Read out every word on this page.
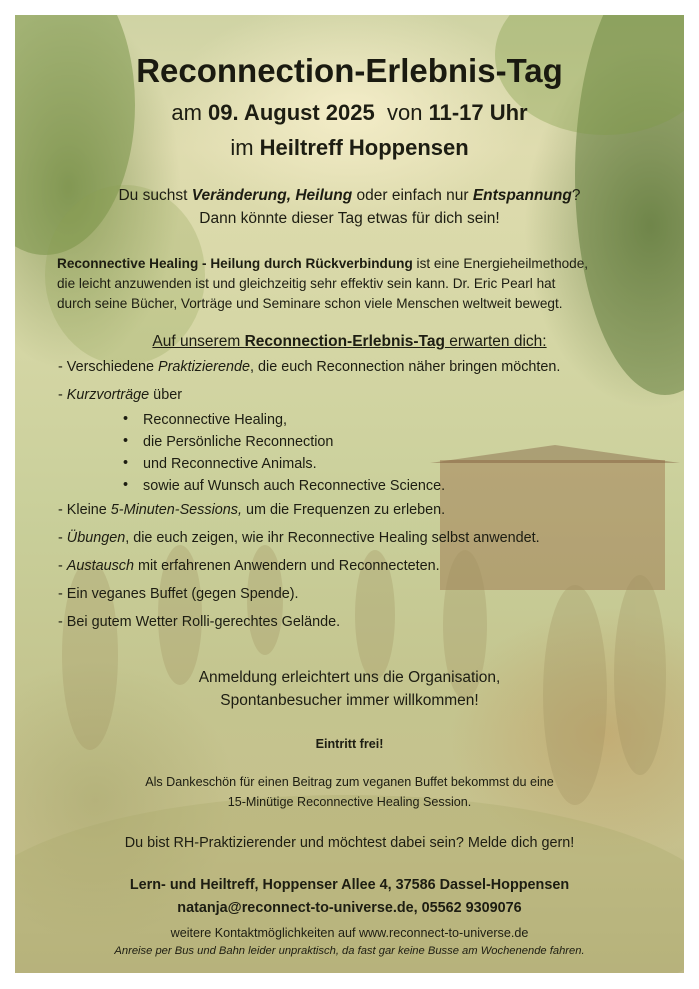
Reconnection-Erlebnis-Tag

am 09. August 2025  von 11-17 Uhr

im Heiltreff Hoppensen

Du suchst Veränderung, Heilung oder einfach nur Entspannung?

Dann könnte dieser Tag etwas für dich sein!

Reconnective Healing - Heilung durch Rückverbindung ist eine Energieheilmethode,

die leicht anzuwenden ist und gleichzeitig sehr effektiv sein kann. Dr. Eric Pearl hat

durch seine Bücher, Vorträge und Seminare schon viele Menschen weltweit bewegt.

Auf unserem Reconnection-Erlebnis-Tag erwarten dich:

- Verschiedene Praktizierende, die euch Reconnection näher bringen möchten.

- Kurzvorträge über

• Reconnective Healing,

• die Persönliche Reconnection

• und Reconnective Animals.

• sowie auf Wunsch auch Reconnective Science.

- Kleine 5-Minuten-Sessions, um die Frequenzen zu erleben.

- Übungen, die euch zeigen, wie ihr Reconnective Healing selbst anwendet.

- Austausch mit erfahrenen Anwendern und Reconnecteten.

- Ein veganes Buffet (gegen Spende).

- Bei gutem Wetter Rolli-gerechtes Gelände.

Anmeldung erleichtert uns die Organisation,

Spontanbesucher immer willkommen!

Eintritt frei!

Als Dankeschön für einen Beitrag zum veganen Buffet bekommst du eine

15-Minütige Reconnective Healing Session.

Du bist RH-Praktizierender und möchtest dabei sein? Melde dich gern!

Lern- und Heiltreff, Hoppenser Allee 4, 37586 Dassel-Hoppensen

natanja@reconnect-to-universe.de, 05562 9309076

weitere Kontaktmöglichkeiten auf www.reconnect-to-universe.de

Anreise per Bus und Bahn leider unpraktisch, da fast gar keine Busse am Wochenende fahren.
